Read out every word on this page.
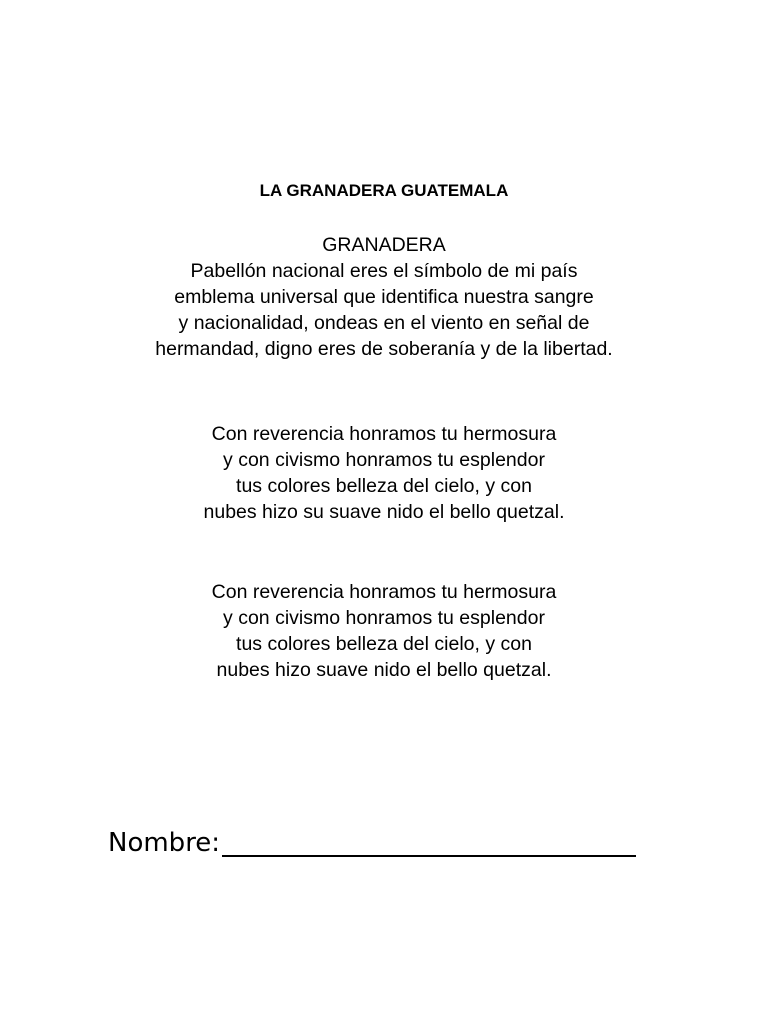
LA GRANADERA GUATEMALA
GRANADERA
Pabellón nacional eres el símbolo de mi país
emblema universal que identifica nuestra sangre
y nacionalidad, ondeas en el viento en señal de
hermandad, digno eres de soberanía y de la libertad.
Con reverencia honramos tu hermosura
y con civismo honramos tu esplendor
tus colores belleza del cielo, y con
nubes hizo su suave nido el bello quetzal.
Con reverencia honramos tu hermosura
y con civismo honramos tu esplendor
tus colores belleza del cielo, y con
nubes hizo suave nido el bello quetzal.
Nombre:
